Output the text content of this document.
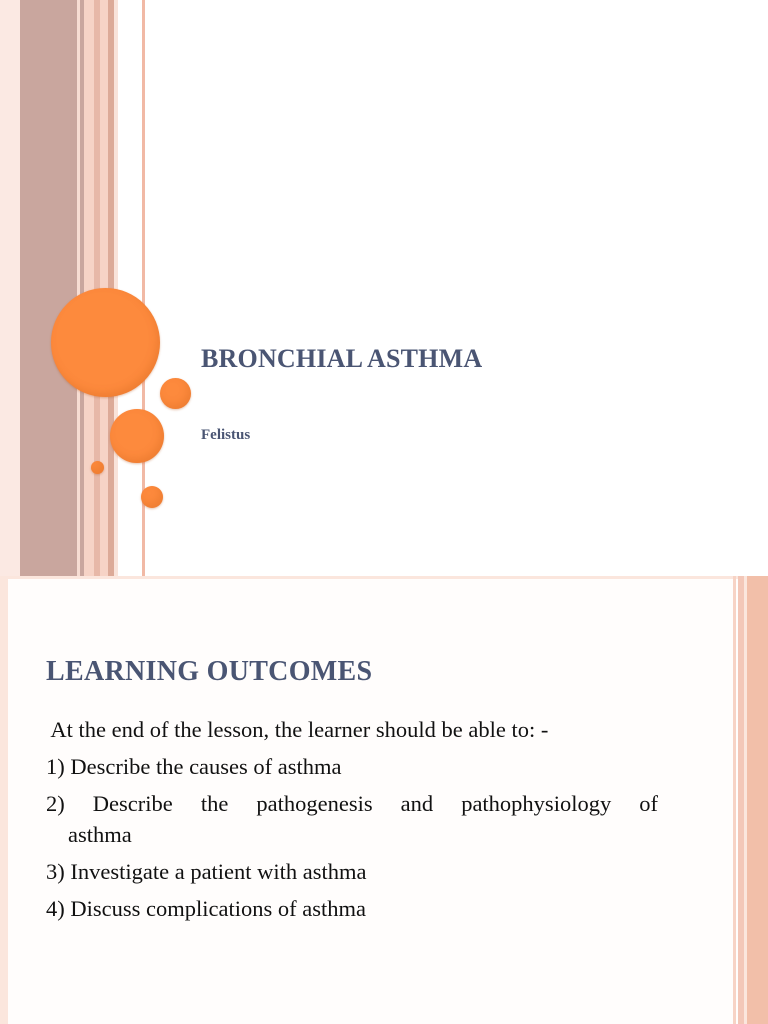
BRONCHIAL ASTHMA
Felistus
LEARNING OUTCOMES
At the end of the lesson, the learner should be able to: -
1) Describe the causes of asthma
2) Describe the pathogenesis and pathophysiology of
asthma
3) Investigate a patient with asthma
4) Discuss complications of asthma
